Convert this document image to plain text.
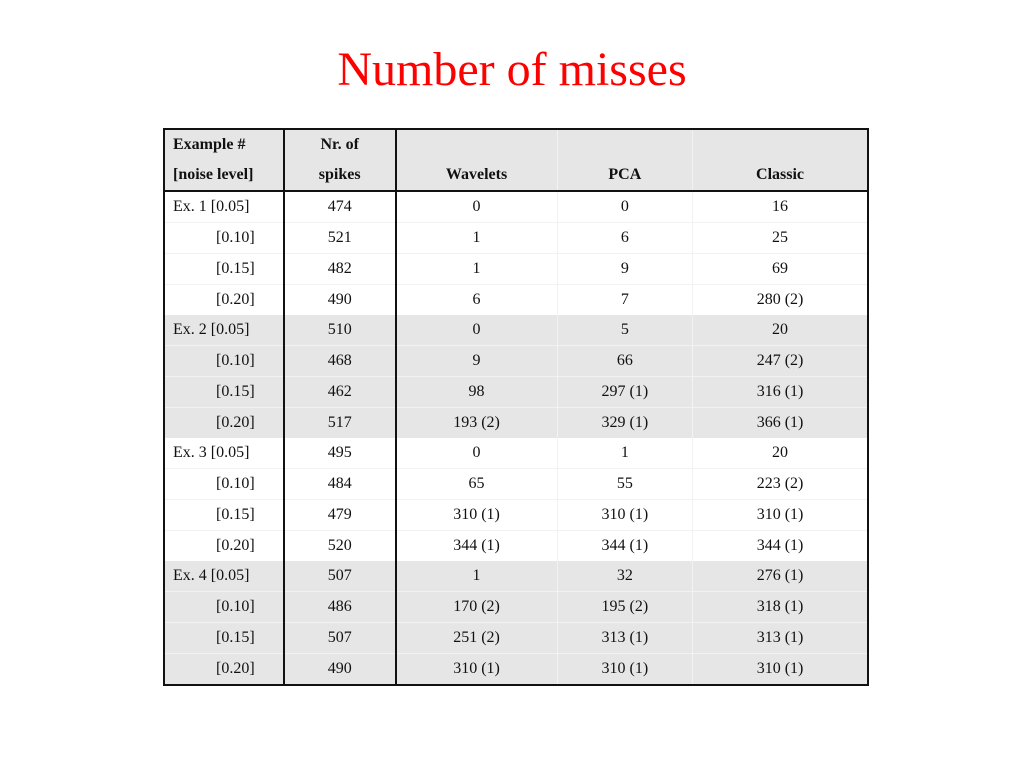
Number of misses
Example #	Nr. of			
[noise level]	spikes	Wavelets	PCA	Classic
Ex. 1 [0.05]	474	0	0	16
[0.10]	521	1	6	25
[0.15]	482	1	9	69
[0.20]	490	6	7	280 (2)
Ex. 2 [0.05]	510	0	5	20
[0.10]	468	9	66	247 (2)
[0.15]	462	98	297 (1)	316 (1)
[0.20]	517	193 (2)	329 (1)	366 (1)
Ex. 3 [0.05]	495	0	1	20
[0.10]	484	65	55	223 (2)
[0.15]	479	310 (1)	310 (1)	310 (1)
[0.20]	520	344 (1)	344 (1)	344 (1)
Ex. 4 [0.05]	507	1	32	276 (1)
[0.10]	486	170 (2)	195 (2)	318 (1)
[0.15]	507	251 (2)	313 (1)	313 (1)
[0.20]	490	310 (1)	310 (1)	310 (1)
